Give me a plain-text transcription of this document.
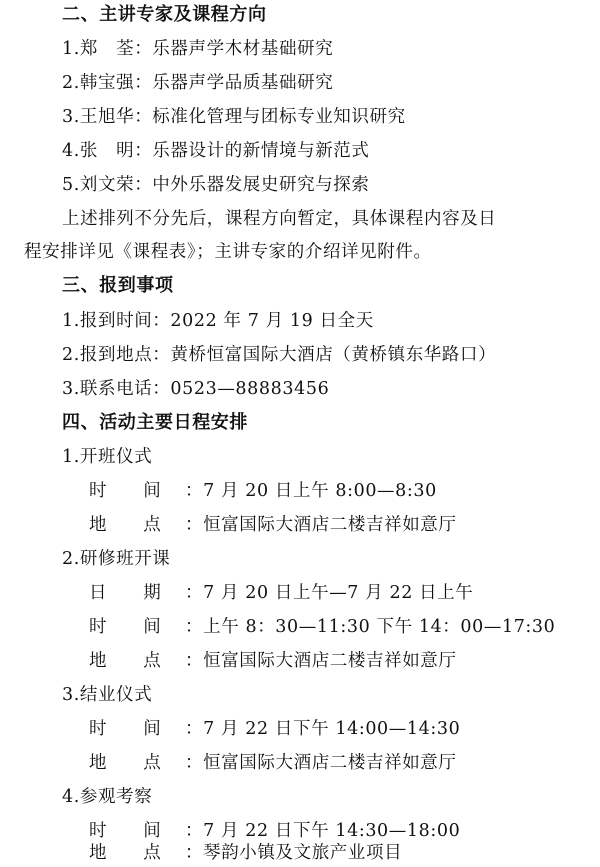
二、主讲专家及课程方向
1.郑　荃：乐器声学木材基础研究
2.韩宝强：乐器声学品质基础研究
3.王旭华：标准化管理与团标专业知识研究
4.张　明：乐器设计的新情境与新范式
5.刘文荣：中外乐器发展史研究与探索
上述排列不分先后，课程方向暂定，具体课程内容及日
程安排详见《课程表》；主讲专家的介绍详见附件。
三、报到事项
1.报到时间：2022 年 7 月 19 日全天
2.报到地点：黄桥恒富国际大酒店（黄桥镇东华路口）
3.联系电话：0523—88883456
四、活动主要日程安排
1.开班仪式
时　　间	： 7 月 20 日上午 8:00—8:30
地　　点	： 恒富国际大酒店二楼吉祥如意厅
2.研修班开课
日　　期	： 7 月 20 日上午—7 月 22 日上午
时　　间	： 上午 8：30—11:30 下午 14：00—17:30
地　　点	： 恒富国际大酒店二楼吉祥如意厅
3.结业仪式
时　　间	： 7 月 22 日下午 14:00—14:30
地　　点	： 恒富国际大酒店二楼吉祥如意厅
4.参观考察
时　　间	： 7 月 22 日下午 14:30—18:00
地　　点	： 琴韵小镇及文旅产业项目
